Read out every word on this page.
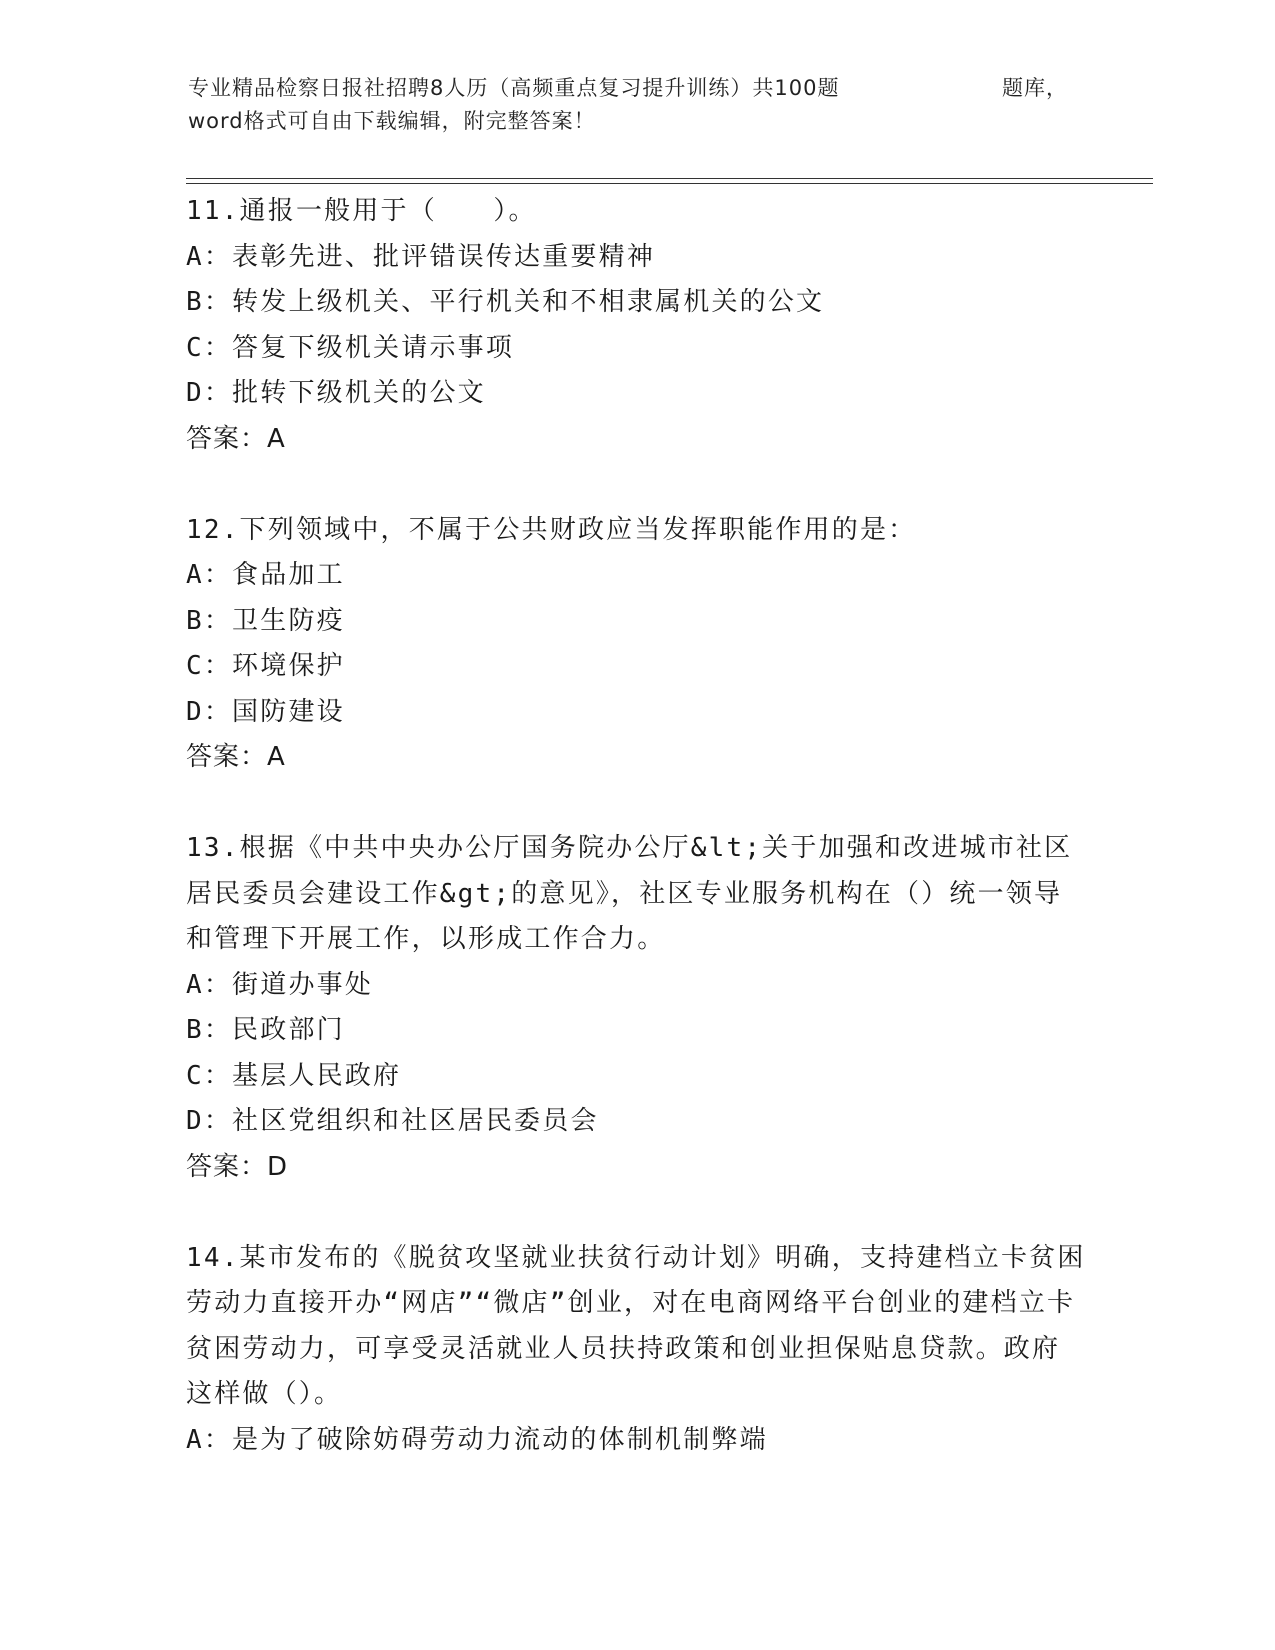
专业精品检察日报社招聘8人历（高频重点复习提升训练）共100题	题库，
word格式可自由下载编辑，附完整答案！
11.通报一般用于（　　）。
A：表彰先进、批评错误传达重要精神
B：转发上级机关、平行机关和不相隶属机关的公文
C：答复下级机关请示事项
D：批转下级机关的公文
答案：A
12.下列领域中，不属于公共财政应当发挥职能作用的是：
A：食品加工
B：卫生防疫
C：环境保护
D：国防建设
答案：A
13.根据《中共中央办公厅国务院办公厅&lt;关于加强和改进城市社区居民委员会建设工作&gt;的意见》，社区专业服务机构在（）统一领导和管理下开展工作，以形成工作合力。
A：街道办事处
B：民政部门
C：基层人民政府
D：社区党组织和社区居民委员会
答案：D
14.某市发布的《脱贫攻坚就业扶贫行动计划》明确，支持建档立卡贫困劳动力直接开办“网店”“微店”创业，对在电商网络平台创业的建档立卡贫困劳动力，可享受灵活就业人员扶持政策和创业担保贴息贷款。政府这样做（）。
A：是为了破除妨碍劳动力流动的体制机制弊端
